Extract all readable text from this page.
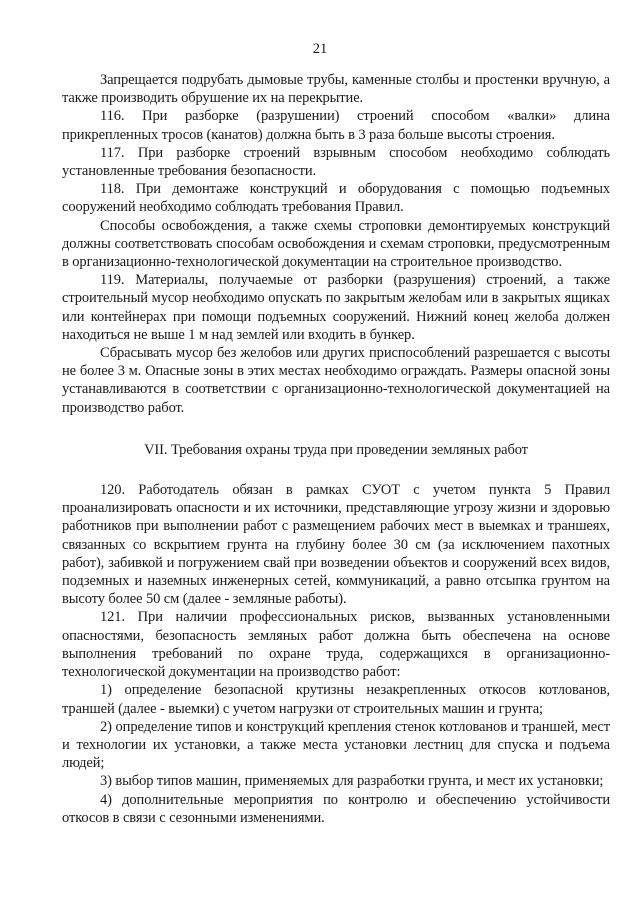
21

Запрещается подрубать дымовые трубы, каменные столбы и простенки вручную, а также производить обрушение их на перекрытие.

116. При разборке (разрушении) строений способом «валки» длина прикрепленных тросов (канатов) должна быть в 3 раза больше высоты строения.

117. При разборке строений взрывным способом необходимо соблюдать установленные требования безопасности.

118. При демонтаже конструкций и оборудования с помощью подъемных сооружений необходимо соблюдать требования Правил.

Способы освобождения, а также схемы строповки демонтируемых конструкций должны соответствовать способам освобождения и схемам строповки, предусмотренным в организационно-технологической документации на строительное производство.

119. Материалы, получаемые от разборки (разрушения) строений, а также строительный мусор необходимо опускать по закрытым желобам или в закрытых ящиках или контейнерах при помощи подъемных сооружений. Нижний конец желоба должен находиться не выше 1 м над землей или входить в бункер.

Сбрасывать мусор без желобов или других приспособлений разрешается с высоты не более 3 м. Опасные зоны в этих местах необходимо ограждать. Размеры опасной зоны устанавливаются в соответствии с организационно-технологической документацией на производство работ.

VII. Требования охраны труда при проведении земляных работ

120. Работодатель обязан в рамках СУОТ с учетом пункта 5 Правил проанализировать опасности и их источники, представляющие угрозу жизни и здоровью работников при выполнении работ с размещением рабочих мест в выемках и траншеях, связанных со вскрытием грунта на глубину более 30 см (за исключением пахотных работ), забивкой и погружением свай при возведении объектов и сооружений всех видов, подземных и наземных инженерных сетей, коммуникаций, а равно отсыпка грунтом на высоту более 50 см (далее - земляные работы).

121. При наличии профессиональных рисков, вызванных установленными опасностями, безопасность земляных работ должна быть обеспечена на основе выполнения требований по охране труда, содержащихся в организационно-технологической документации на производство работ:

1) определение безопасной крутизны незакрепленных откосов котлованов, траншей (далее - выемки) с учетом нагрузки от строительных машин и грунта;

2) определение типов и конструкций крепления стенок котлованов и траншей, мест и технологии их установки, а также места установки лестниц для спуска и подъема людей;

3) выбор типов машин, применяемых для разработки грунта, и мест их установки;

4) дополнительные мероприятия по контролю и обеспечению устойчивости откосов в связи с сезонными изменениями.
